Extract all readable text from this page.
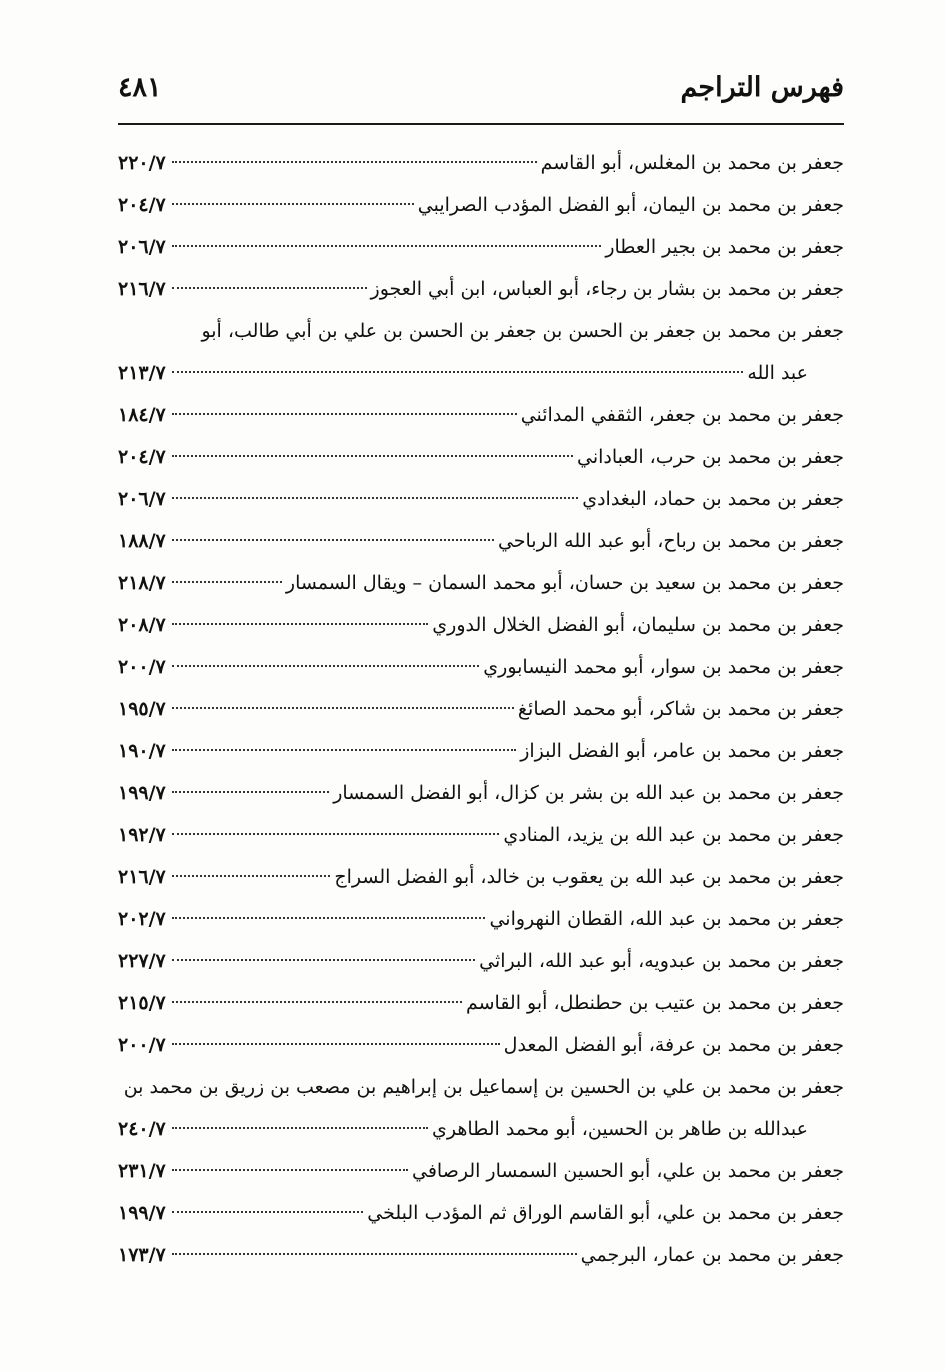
فهرس التراجم
٤٨١
جعفر بن محمد بن المغلس، أبو القاسم
٢٢٠/٧
جعفر بن محمد بن اليمان، أبو الفضل المؤدب الصرايبي
٢٠٤/٧
جعفر بن محمد بن بجير العطار
٢٠٦/٧
جعفر بن محمد بن بشار بن رجاء، أبو العباس، ابن أبي العجوز
٢١٦/٧
جعفر بن محمد بن جعفر بن الحسن بن جعفر بن الحسن بن علي بن أبي طالب، أبو
عبد الله
٢١٣/٧
جعفر بن محمد بن جعفر، الثقفي المدائني
١٨٤/٧
جعفر بن محمد بن حرب، العباداني
٢٠٤/٧
جعفر بن محمد بن حماد، البغدادي
٢٠٦/٧
جعفر بن محمد بن رباح، أبو عبد الله الرباحي
١٨٨/٧
جعفر بن محمد بن سعيد بن حسان، أبو محمد السمان – ويقال السمسار
٢١٨/٧
جعفر بن محمد بن سليمان، أبو الفضل الخلال الدوري
٢٠٨/٧
جعفر بن محمد بن سوار، أبو محمد النيسابوري
٢٠٠/٧
جعفر بن محمد بن شاكر، أبو محمد الصائغ
١٩٥/٧
جعفر بن محمد بن عامر، أبو الفضل البزاز
١٩٠/٧
جعفر بن محمد بن عبد الله بن بشر بن كزال، أبو الفضل السمسار
١٩٩/٧
جعفر بن محمد بن عبد الله بن يزيد، المنادي
١٩٢/٧
جعفر بن محمد بن عبد الله بن يعقوب بن خالد، أبو الفضل السراج
٢١٦/٧
جعفر بن محمد بن عبد الله، القطان النهرواني
٢٠٢/٧
جعفر بن محمد بن عبدويه، أبو عبد الله، البراثي
٢٢٧/٧
جعفر بن محمد بن عتيب بن حطنطل، أبو القاسم
٢١٥/٧
جعفر بن محمد بن عرفة، أبو الفضل المعدل
٢٠٠/٧
جعفر بن محمد بن علي بن الحسين بن إسماعيل بن إبراهيم بن مصعب بن زريق بن محمد بن
عبدالله بن طاهر بن الحسين، أبو محمد الطاهري
٢٤٠/٧
جعفر بن محمد بن علي، أبو الحسين السمسار الرصافي
٢٣١/٧
جعفر بن محمد بن علي، أبو القاسم الوراق ثم المؤدب البلخي
١٩٩/٧
جعفر بن محمد بن عمار، البرجمي
١٧٣/٧
